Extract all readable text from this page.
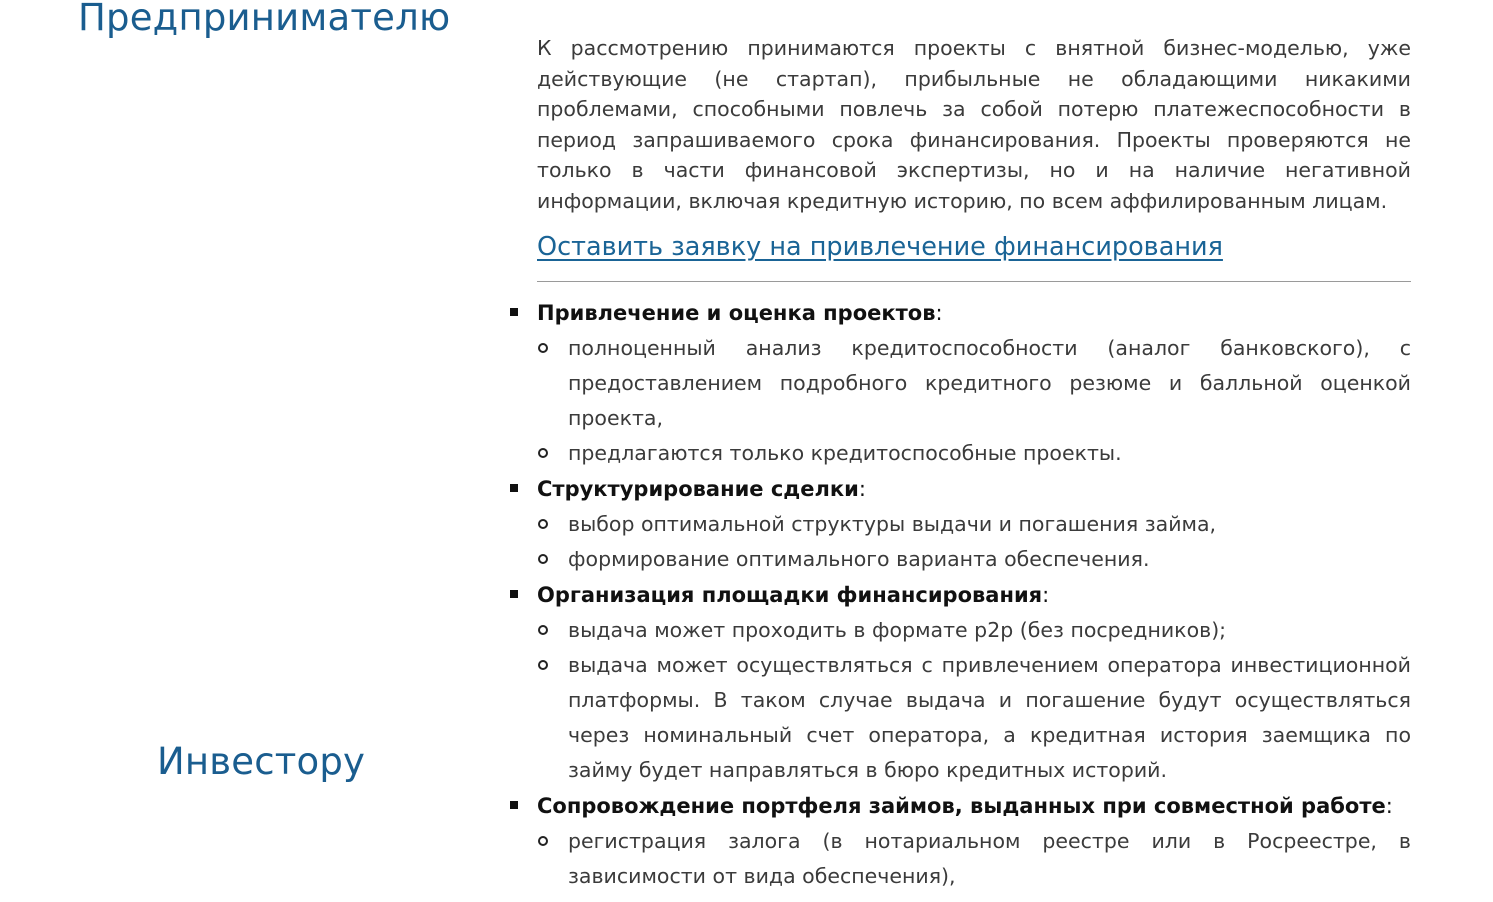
Предпринимателю
Инвестору

К рассмотрению принимаются проекты с внятной бизнес-моделью, уже действующие (не стартап), прибыльные не обладающими никакими проблемами, способными повлечь за собой потерю платежеспособности в период запрашиваемого срока финансирования. Проекты проверяются не только в части финансовой экспертизы, но и на наличие негативной информации, включая кредитную историю, по всем аффилированным лицам.

Оставить заявку на привлечение финансирования
Привлечение и оценка проектов:
полноценный анализ кредитоспособности (аналог банковского), с предоставлением подробного кредитного резюме и балльной оценкой проекта,
предлагаются только кредитоспособные проекты.
Структурирование сделки:
выбор оптимальной структуры выдачи и погашения займа,
формирование оптимального варианта обеспечения.
Организация площадки финансирования:
выдача может проходить в формате p2p (без посредников);
выдача может осуществляться с привлечением оператора инвестиционной платформы. В таком случае выдача и погашение будут осуществляться через номинальный счет оператора, а кредитная история заемщика по займу будет направляться в бюро кредитных историй.
Сопровождение портфеля займов, выданных при совместной работе:
регистрация залога (в нотариальном реестре или в Росреестре, в зависимости от вида обеспечения),
